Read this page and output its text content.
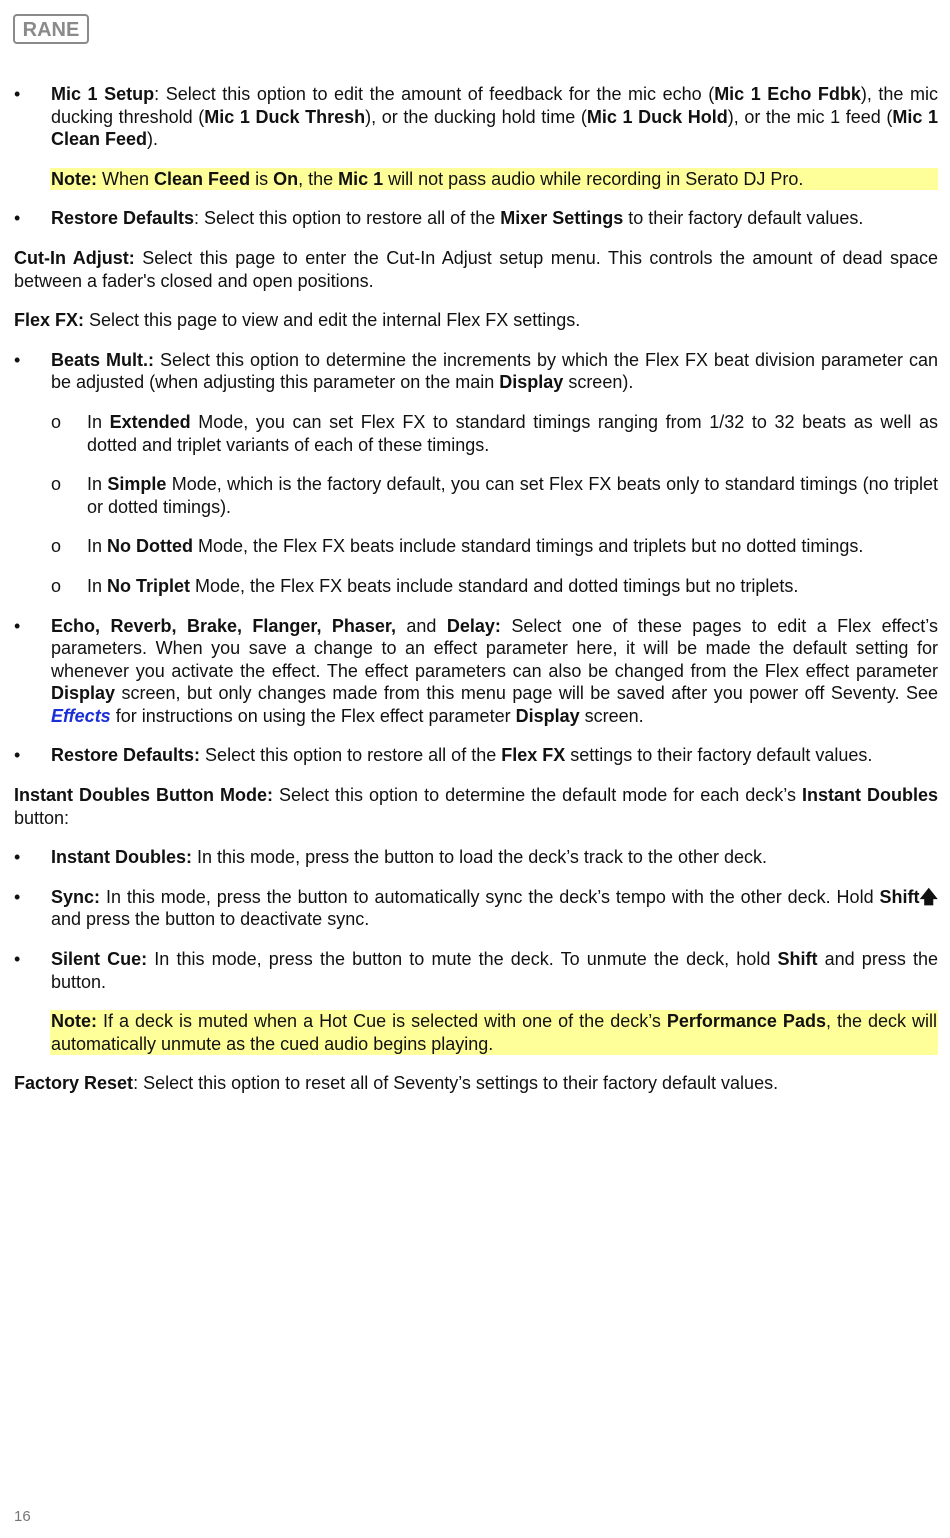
RANE
• Mic 1 Setup: Select this option to edit the amount of feedback for the mic echo (Mic 1 Echo Fdbk), the mic ducking threshold (Mic 1 Duck Thresh), or the ducking hold time (Mic 1 Duck Hold), or the mic 1 feed (Mic 1 Clean Feed).
Note: When Clean Feed is On, the Mic 1 will not pass audio while recording in Serato DJ Pro.
• Restore Defaults: Select this option to restore all of the Mixer Settings to their factory default values.
Cut-In Adjust: Select this page to enter the Cut-In Adjust setup menu. This controls the amount of dead space between a fader's closed and open positions.
Flex FX: Select this page to view and edit the internal Flex FX settings.
• Beats Mult.: Select this option to determine the increments by which the Flex FX beat division parameter can be adjusted (when adjusting this parameter on the main Display screen).
o In Extended Mode, you can set Flex FX to standard timings ranging from 1/32 to 32 beats as well as dotted and triplet variants of each of these timings.
o In Simple Mode, which is the factory default, you can set Flex FX beats only to standard timings (no triplet or dotted timings).
o In No Dotted Mode, the Flex FX beats include standard timings and triplets but no dotted timings.
o In No Triplet Mode, the Flex FX beats include standard and dotted timings but no triplets.
• Echo, Reverb, Brake, Flanger, Phaser, and Delay: Select one of these pages to edit a Flex effect’s parameters. When you save a change to an effect parameter here, it will be made the default setting for whenever you activate the effect. The effect parameters can also be changed from the Flex effect parameter Display screen, but only changes made from this menu page will be saved after you power off Seventy. See Effects for instructions on using the Flex effect parameter Display screen.
• Restore Defaults: Select this option to restore all of the Flex FX settings to their factory default values.
Instant Doubles Button Mode: Select this option to determine the default mode for each deck’s Instant Doubles button:
• Instant Doubles: In this mode, press the button to load the deck’s track to the other deck.
• Sync: In this mode, press the button to automatically sync the deck’s tempo with the other deck. Hold Shift🡅 and press the button to deactivate sync.
• Silent Cue: In this mode, press the button to mute the deck. To unmute the deck, hold Shift and press the button.
Note: If a deck is muted when a Hot Cue is selected with one of the deck’s Performance Pads, the deck will automatically unmute as the cued audio begins playing.
Factory Reset: Select this option to reset all of Seventy’s settings to their factory default values.
16
